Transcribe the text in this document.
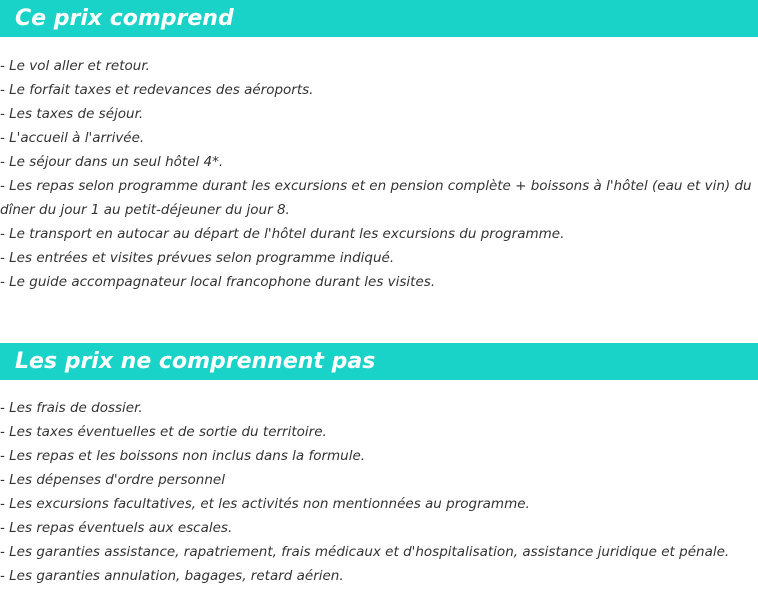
Ce prix comprend
- Le vol aller et retour.
- Le forfait taxes et redevances des aéroports.
- Les taxes de séjour.
- L'accueil à l'arrivée.
- Le séjour dans un seul hôtel 4*.
- Les repas selon programme durant les excursions et en pension complète + boissons à l'hôtel (eau et vin) du dîner du jour 1 au petit-déjeuner du jour 8.
- Le transport en autocar au départ de l'hôtel durant les excursions du programme.
- Les entrées et visites prévues selon programme indiqué.
- Le guide accompagnateur local francophone durant les visites.
Les prix ne comprennent pas
- Les frais de dossier.
- Les taxes éventuelles et de sortie du territoire.
- Les repas et les boissons non inclus dans la formule.
- Les dépenses d'ordre personnel
- Les excursions facultatives, et les activités non mentionnées au programme.
- Les repas éventuels aux escales.
- Les garanties assistance, rapatriement, frais médicaux et d'hospitalisation, assistance juridique et pénale.
- Les garanties annulation, bagages, retard aérien.
